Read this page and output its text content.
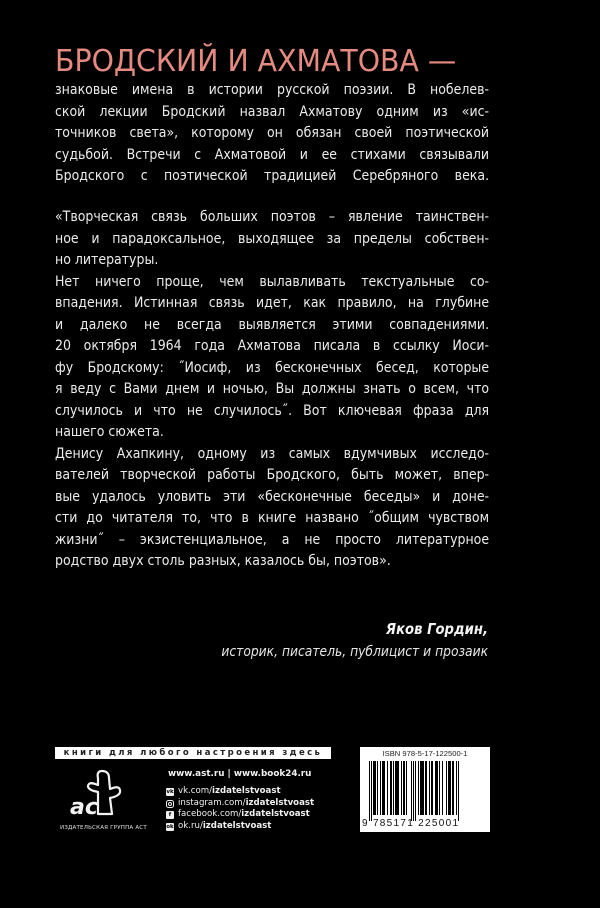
БРОДСКИЙ И АХМАТОВА —
знаковые имена в истории русской поэзии. В нобелев-
ской лекции Бродский назвал Ахматову одним из «ис-
точников света», которому он обязан своей поэтической
судьбой. Встречи с Ахматовой и ее стихами связывали
Бродского с поэтической традицией Серебряного века.
«Творческая связь больших поэтов – явление таинствен-
ное и парадоксальное, выходящее за пределы собствен-
но литературы.
Нет ничего проще, чем вылавливать текстуальные со-
впадения. Истинная связь идет, как правило, на глубине
и далеко не всегда выявляется этими совпадениями.
20 октября 1964 года Ахматова писала в ссылку Иоси-
фу Бродскому: ˝Иосиф, из бесконечных бесед, которые
я веду с Вами днем и ночью, Вы должны знать о всем, что
случилось и что не случилось˝. Вот ключевая фраза для
нашего сюжета.
Денису Ахапкину, одному из самых вдумчивых исследо-
вателей творческой работы Бродского, быть может, впер-
вые удалось уловить эти «бесконечные беседы» и доне-
сти до читателя то, что в книге названо ˝общим чувством
жизни˝ – экзистенциальное, а не просто литературное
родство двух столь разных, казалось бы, поэтов».
Яков Гордин,
историк, писатель, публицист и прозаик
книги для любого настроения здесь
ac
ИЗДАТЕЛЬСКАЯ ГРУППА АСТ
www.ast.ru | www.book24.ru
vk vk.com/ izdatelstvoast
instagram.com/ izdatelstvoast
f facebook.com/ izdatelstvoast
ok ok.ru/ izdatelstvoast
ISBN 978-5-17-122500-1
9 785171 225001
